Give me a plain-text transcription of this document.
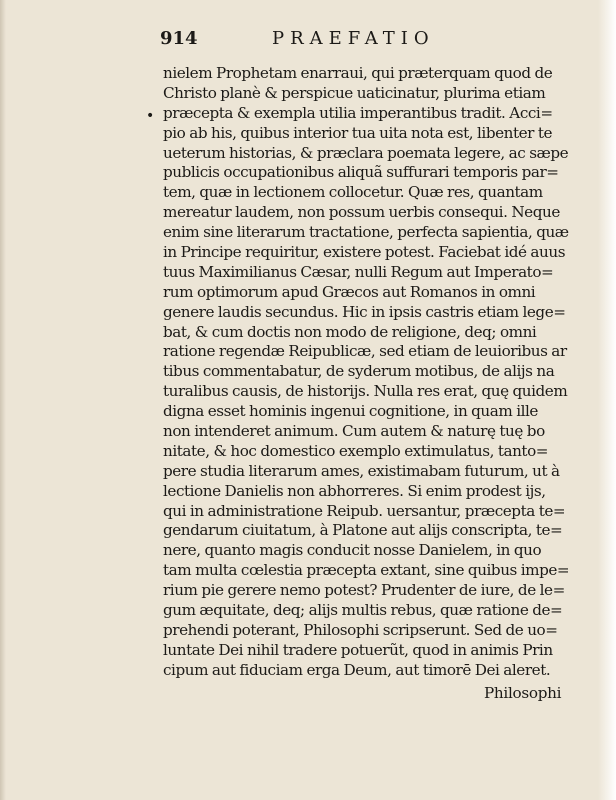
914	PRAEFATIO
•
nielem Prophetam enarraui, qui præterquam quod de
Christo planè & perspicue uaticinatur, plurima etiam
præcepta & exempla utilia imperantibus tradit. Acci=
pio ab his, quibus interior tua uita nota est, libenter te
ueterum historias, & præclara poemata legere, ac sæpe
publicis occupationibus aliquã suffurari temporis par=
tem, quæ in lectionem collocetur. Quæ res, quantam
mereatur laudem, non possum uerbis consequi. Neque
enim sine literarum tractatione, perfecta sapientia, quæ
in Principe requiritur, existere potest. Faciebat idé auus
tuus Maximilianus Cæsar, nulli Regum aut Imperato=
rum optimorum apud Græcos aut Romanos in omni
genere laudis secundus. Hic in ipsis castris etiam lege=
bat, & cum doctis non modo de religione, deq; omni
ratione regendæ Reipublicæ, sed etiam de leuioribus ar
tibus commentabatur, de syderum motibus, de alijs na
turalibus causis, de historijs. Nulla res erat, quę quidem
digna esset hominis ingenui cognitione, in quam ille
non intenderet animum. Cum autem & naturę tuę bo
nitate, & hoc domestico exemplo extimulatus, tanto=
pere studia literarum ames, existimabam futurum, ut à
lectione Danielis non abhorreres. Si enim prodest ijs,
qui in administratione Reipub. uersantur, præcepta te=
gendarum ciuitatum, à Platone aut alijs conscripta, te=
nere, quanto magis conducit nosse Danielem, in quo
tam multa cœlestia præcepta extant, sine quibus impe=
rium pie gerere nemo potest? Prudenter de iure, de le=
gum æquitate, deq; alijs multis rebus, quæ ratione de=
prehendi poterant, Philosophi scripserunt. Sed de uo=
luntate Dei nihil tradere potuerũt, quod in animis Prin
cipum aut fiduciam erga Deum, aut timorē Dei aleret.
Philosophi
